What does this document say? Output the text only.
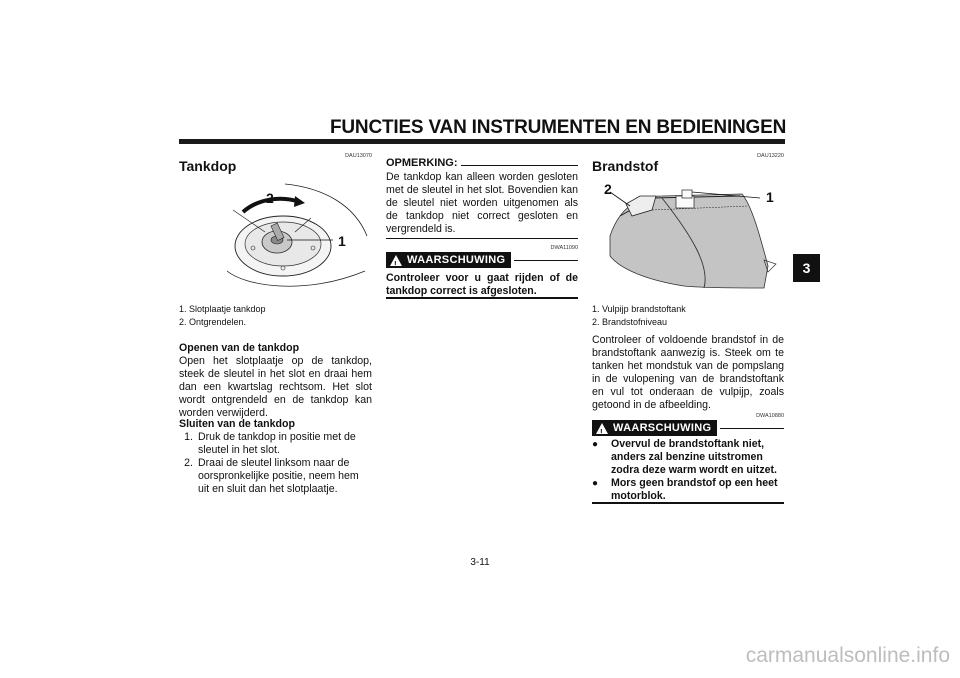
FUNCTIES VAN INSTRUMENTEN EN BEDIENINGEN
3
DAU13070
Tankdop
2
1
1. Slotplaatje tankdop
2. Ontgrendelen.
Openen van de tankdop
Open het slotplaatje op de tankdop, steek de sleutel in het slot en draai hem dan een kwartslag rechtsom. Het slot wordt ontgrendeld en de tankdop kan worden verwijderd.
Sluiten van de tankdop
1. Druk de tankdop in positie met de sleutel in het slot.
2. Draai de sleutel linksom naar de oorspronkelijke positie, neem hem uit en sluit dan het slotplaatje.
OPMERKING:
De tankdop kan alleen worden gesloten met de sleutel in het slot. Bovendien kan de sleutel niet worden uitgenomen als de tankdop niet correct gesloten en vergrendeld is.
DWA11090
! WAARSCHUWING
Controleer voor u gaat rijden of de tankdop correct is afgesloten.
DAU13220
Brandstof
2	1
1. Vulpijp brandstoftank
2. Brandstofniveau
Controleer of voldoende brandstof in de brandstoftank aanwezig is. Steek om te tanken het mondstuk van de pompslang in de vulopening van de brandstoftank en vul tot onderaan de vulpijp, zoals getoond in de afbeelding.
DWA10880
! WAARSCHUWING
●	Overvul de brandstoftank niet, anders zal benzine uitstromen zodra deze warm wordt en uitzet.
●	Mors geen brandstof op een heet motorblok.
3-11
carmanualsonline.info
